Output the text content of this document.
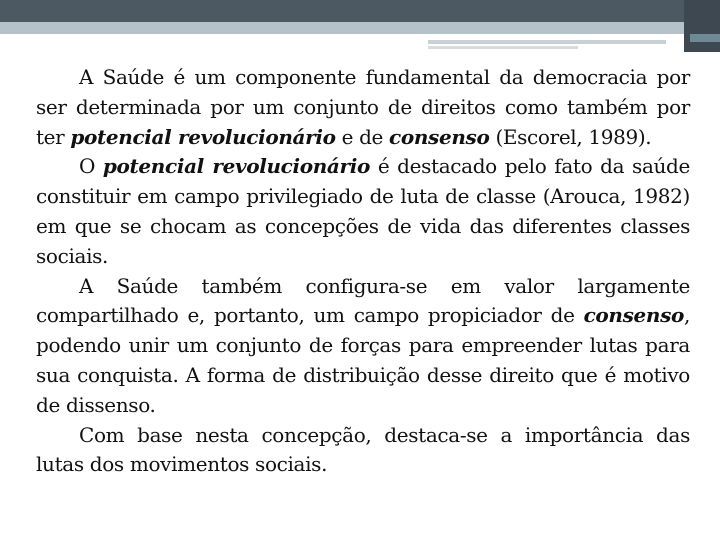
A Saúde é um componente fundamental da democracia por ser determinada por um conjunto de direitos como também por ter potencial revolucionário e de consenso (Escorel, 1989).

O potencial revolucionário é destacado pelo fato da saúde constituir em campo privilegiado de luta de classe (Arouca, 1982) em que se chocam as concepções de vida das diferentes classes sociais.

A Saúde também configura-se em valor largamente compartilhado e, portanto, um campo propiciador de consenso, podendo unir um conjunto de forças para empreender lutas para sua conquista. A forma de distribuição desse direito que é motivo de dissenso.

Com base nesta concepção, destaca-se a importância das lutas dos movimentos sociais.
